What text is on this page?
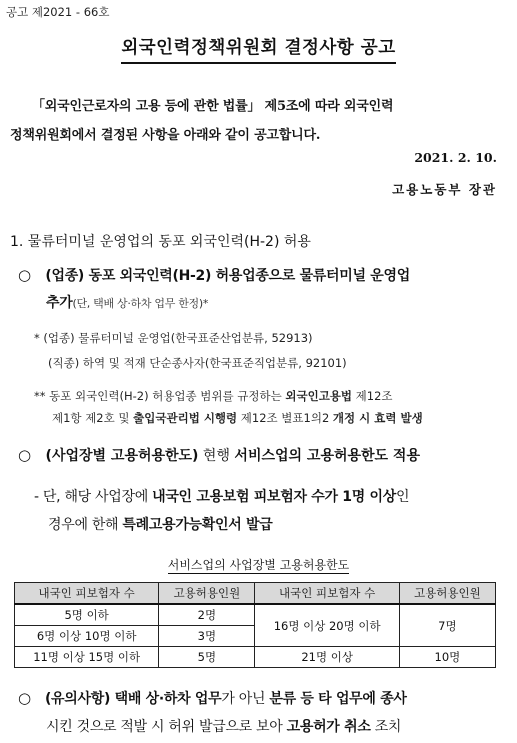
공고 제2021 - 66호
외국인력정책위원회 결정사항 공고
「외국인근로자의 고용 등에 관한 법률」 제5조에 따라 외국인력
정책위원회에서 결정된 사항을 아래와 같이 공고합니다.
2021. 2. 10.
고용노동부 장관
1. 물류터미널 운영업의 동포 외국인력(H-2) 허용
○ (업종) 동포 외국인력(H-2) 허용업종으로 물류터미널 운영업
추가(단, 택배 상·하차 업무 한정)*
* (업종) 물류터미널 운영업(한국표준산업분류, 52913)
(직종) 하역 및 적재 단순종사자(한국표준직업분류, 92101)
** 동포 외국인력(H-2) 허용업종 범위를 규정하는 외국인고용법 제12조
제1항 제2호 및 출입국관리법 시행령 제12조 별표1의2 개정 시 효력 발생
○ (사업장별 고용허용한도) 현행 서비스업의 고용허용한도 적용
- 단, 해당 사업장에 내국인 고용보험 피보험자 수가 1명 이상인
경우에 한해 특례고용가능확인서 발급
서비스업의 사업장별 고용허용한도
내국인 피보험자 수	고용허용인원	내국인 피보험자 수	고용허용인원
5명 이하	2명	16명 이상 20명 이하	7명
6명 이상 10명 이하	3명		
11명 이상 15명 이하	5명	21명 이상	10명
○ (유의사항) 택배 상·하차 업무가 아닌 분류 등 타 업무에 종사
시킨 것으로 적발 시 허위 발급으로 보아 고용허가 취소 조치
